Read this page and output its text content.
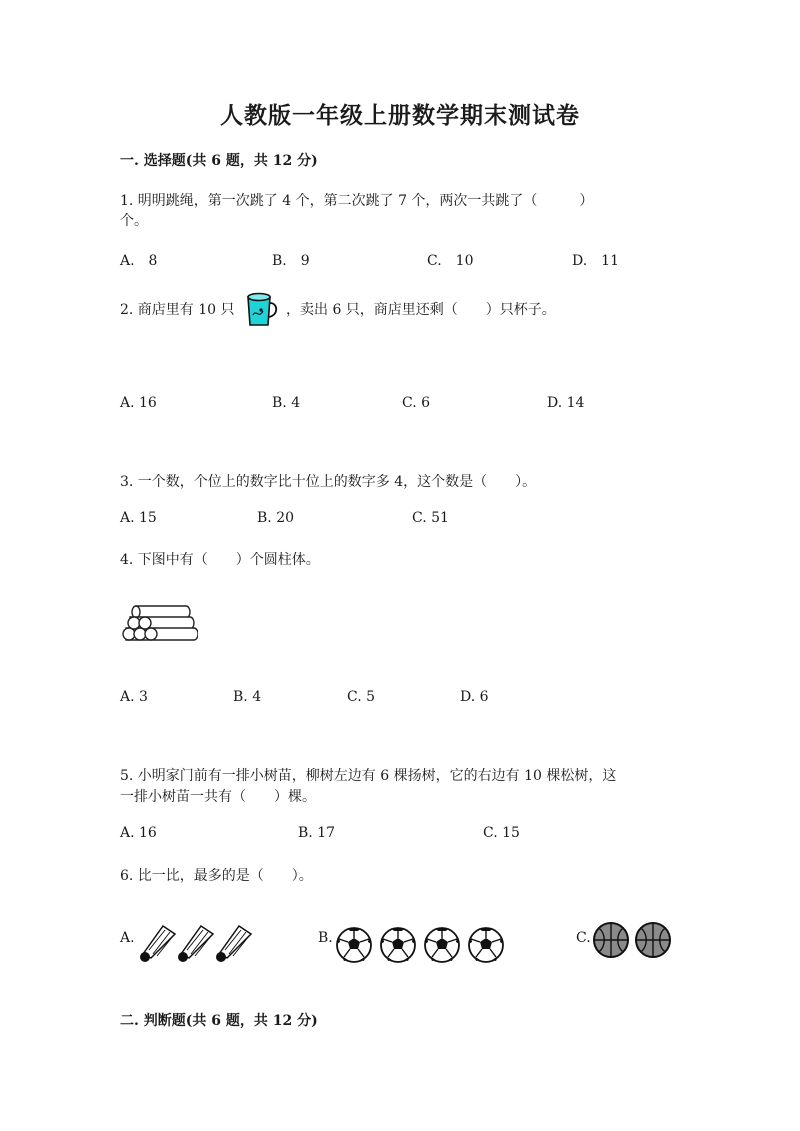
人教版一年级上册数学期末测试卷
一. 选择题(共 6 题，共 12 分)
1. 明明跳绳，第一次跳了 4 个，第二次跳了 7 个，两次一共跳了（　　　）
个。
A.　8	B.　9	C.　10	D.　11
2. 商店里有 10 只	，卖出 6 只，商店里还剩（　　）只杯子。
A. 16	B. 4	C. 6	D. 14
3. 一个数，个位上的数字比十位上的数字多 4，这个数是（　　）。
A. 15	B. 20	C. 51
4. 下图中有（　　）个圆柱体。
A. 3	B. 4	C. 5	D. 6
5. 小明家门前有一排小树苗，柳树左边有 6 棵扬树，它的右边有 10 棵松树，这
一排小树苗一共有（　　）棵。
A. 16	B. 17	C. 15
6. 比一比，最多的是（　　）。
A.	B.	C.
二. 判断题(共 6 题，共 12 分)
